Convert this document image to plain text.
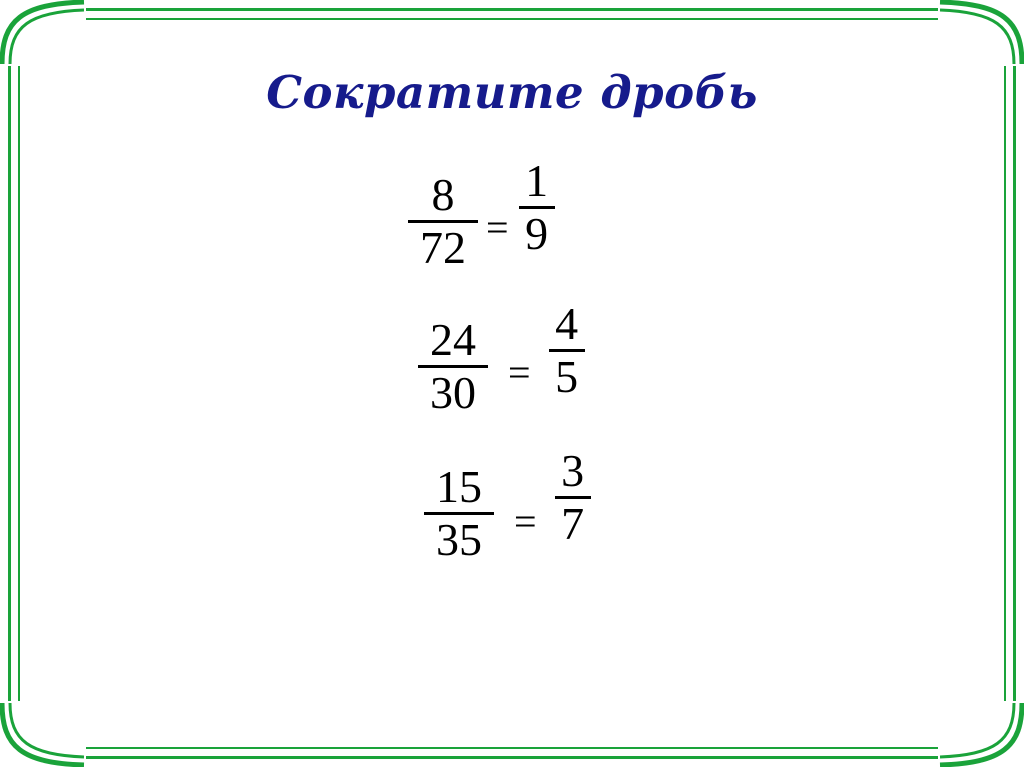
Сократите дробь
$\frac{8}{72} = \frac{1}{9}$
$\frac{24}{30} = \frac{4}{5}$
$\frac{15}{35} = \frac{3}{7}$
